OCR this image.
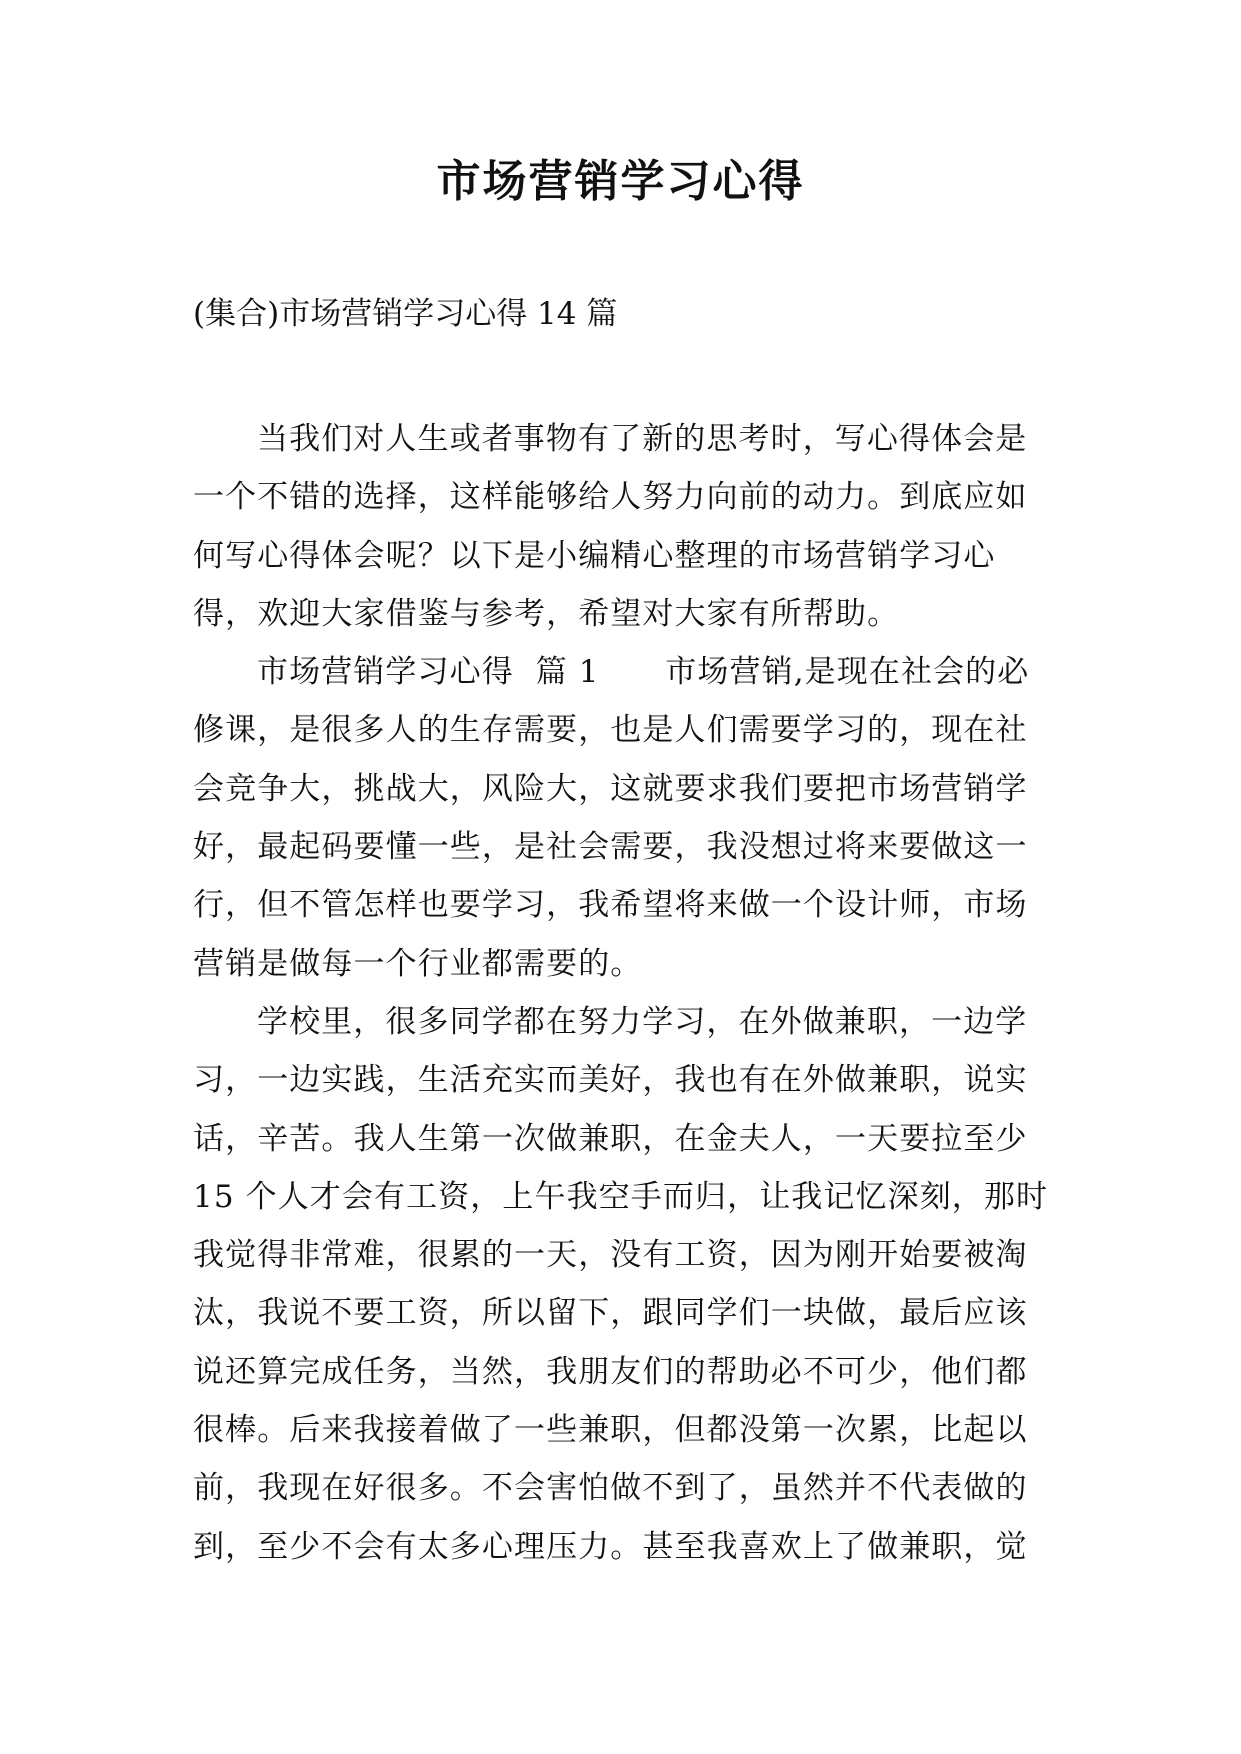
市场营销学习心得

(集合)市场营销学习心得 14 篇

当我们对人生或者事物有了新的思考时，写心得体会是
一个不错的选择，这样能够给人努力向前的动力。到底应如
何写心得体会呢？以下是小编精心整理的市场营销学习心
得，欢迎大家借鉴与参考，希望对大家有所帮助。
市场营销学习心得  篇 1      市场营销,是现在社会的必
修课，是很多人的生存需要，也是人们需要学习的，现在社
会竞争大，挑战大，风险大，这就要求我们要把市场营销学
好，最起码要懂一些，是社会需要，我没想过将来要做这一
行，但不管怎样也要学习，我希望将来做一个设计师，市场
营销是做每一个行业都需要的。
学校里，很多同学都在努力学习，在外做兼职，一边学
习，一边实践，生活充实而美好，我也有在外做兼职，说实
话，辛苦。我人生第一次做兼职，在金夫人，一天要拉至少
15 个人才会有工资，上午我空手而归，让我记忆深刻，那时
我觉得非常难，很累的一天，没有工资，因为刚开始要被淘
汰，我说不要工资，所以留下，跟同学们一块做，最后应该
说还算完成任务，当然，我朋友们的帮助必不可少，他们都
很棒。后来我接着做了一些兼职，但都没第一次累，比起以
前，我现在好很多。不会害怕做不到了，虽然并不代表做的
到，至少不会有太多心理压力。甚至我喜欢上了做兼职，觉
